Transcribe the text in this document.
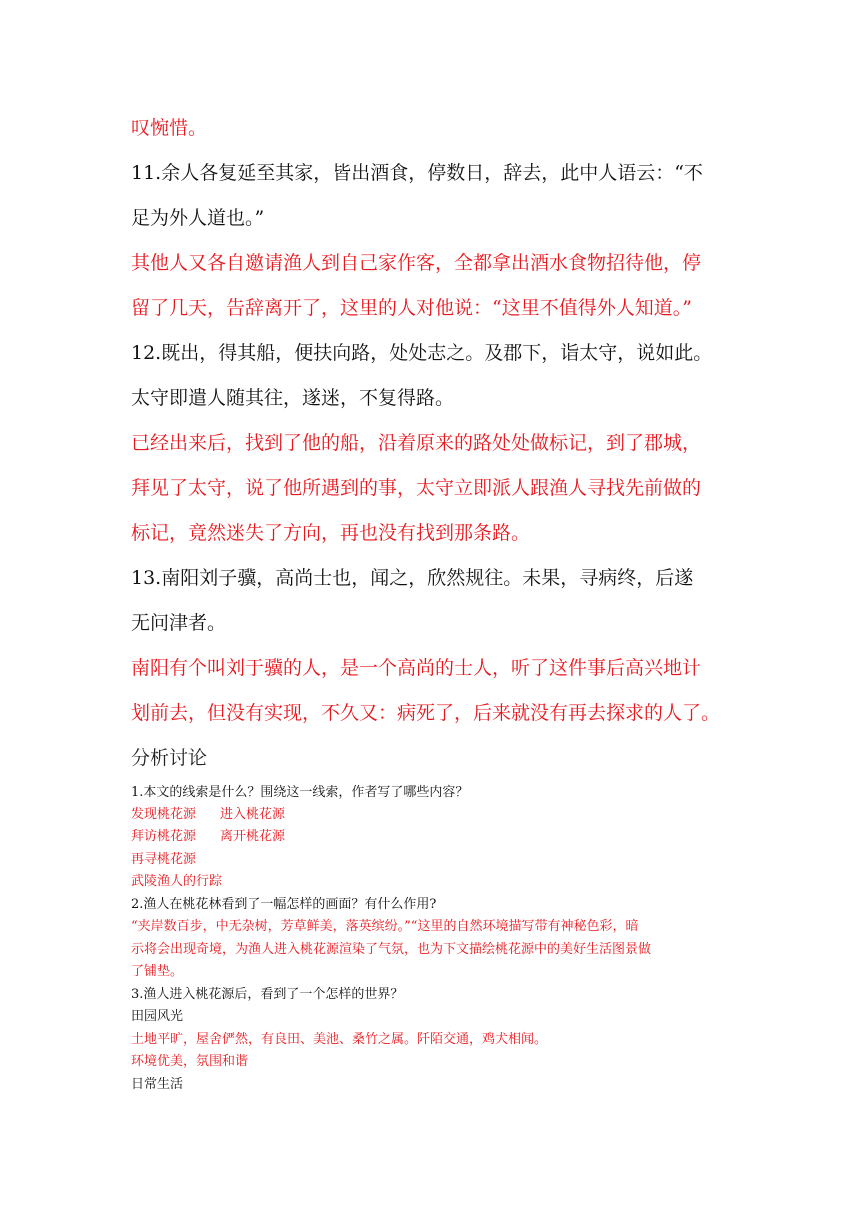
叹惋惜。
11.余人各复延至其家，皆出酒食，停数日，辞去，此中人语云：“不
足为外人道也。”
其他人又各自邀请渔人到自己家作客，全都拿出酒水食物招待他，停
留了几天，告辞离开了，这里的人对他说：“这里不值得外人知道。”
12.既出，得其船，便扶向路，处处志之。及郡下，诣太守，说如此。
太守即遣人随其往，遂迷，不复得路。
已经出来后，找到了他的船，沿着原来的路处处做标记，到了郡城，
拜见了太守，说了他所遇到的事，太守立即派人跟渔人寻找先前做的
标记，竟然迷失了方向，再也没有找到那条路。
13.南阳刘子骥，高尚士也，闻之，欣然规往。未果，寻病终，后遂
无问津者。
南阳有个叫刘于骥的人，是一个高尚的士人，听了这件事后高兴地计
划前去，但没有实现，不久又：病死了，后来就没有再去探求的人了。
分析讨论
1.本文的线索是什么？围绕这一线索，作者写了哪些内容？
发现桃花源 进入桃花源
拜访桃花源 离开桃花源
再寻桃花源
武陵渔人的行踪
2.渔人在桃花林看到了一幅怎样的画面？有什么作用?
“夹岸数百步，中无杂树，芳草鲜美，落英缤纷。”“这里的自然环境描写带有神秘色彩，暗
示将会出现奇境，为渔人进入桃花源渲染了气氛，也为下文描绘桃花源中的美好生活图景做
了铺垫。
3.渔人进入桃花源后，看到了一个怎样的世界？
田园风光
土地平旷，屋舍俨然，有良田、美池、桑竹之属。阡陌交通，鸡犬相闻。
环境优美，氛围和谐
日常生活
